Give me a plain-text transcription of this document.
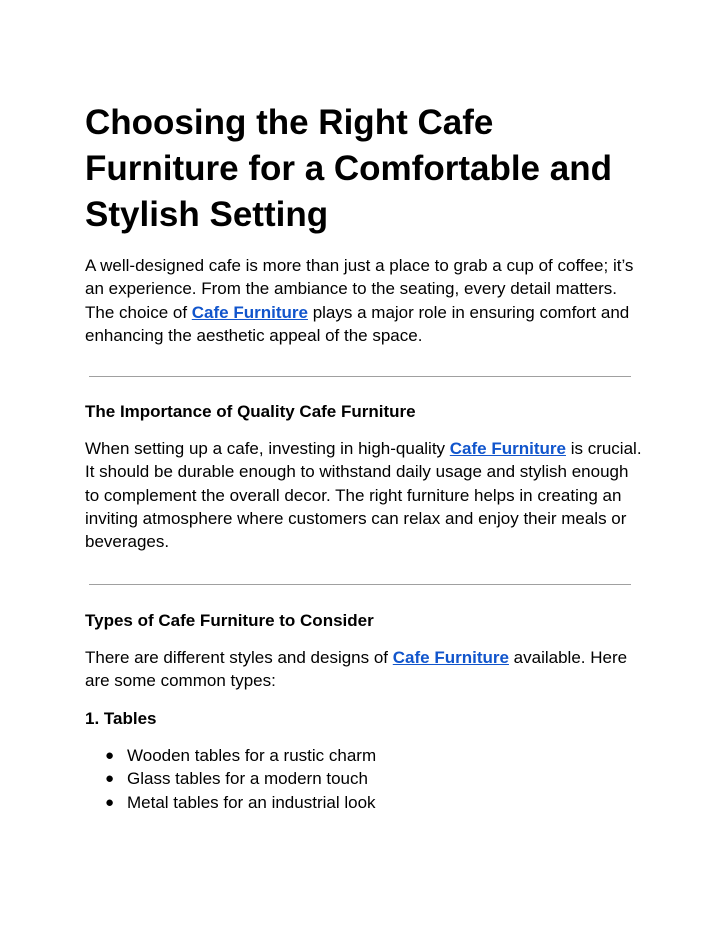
Choosing the Right Cafe Furniture for a Comfortable and Stylish Setting

A well-designed cafe is more than just a place to grab a cup of coffee; it’s an experience. From the ambiance to the seating, every detail matters. The choice of Cafe Furniture plays a major role in ensuring comfort and enhancing the aesthetic appeal of the space.

The Importance of Quality Cafe Furniture

When setting up a cafe, investing in high-quality Cafe Furniture is crucial. It should be durable enough to withstand daily usage and stylish enough to complement the overall decor. The right furniture helps in creating an inviting atmosphere where customers can relax and enjoy their meals or beverages.

Types of Cafe Furniture to Consider

There are different styles and designs of Cafe Furniture available. Here are some common types:

1. Tables
● Wooden tables for a rustic charm
● Glass tables for a modern touch
● Metal tables for an industrial look
